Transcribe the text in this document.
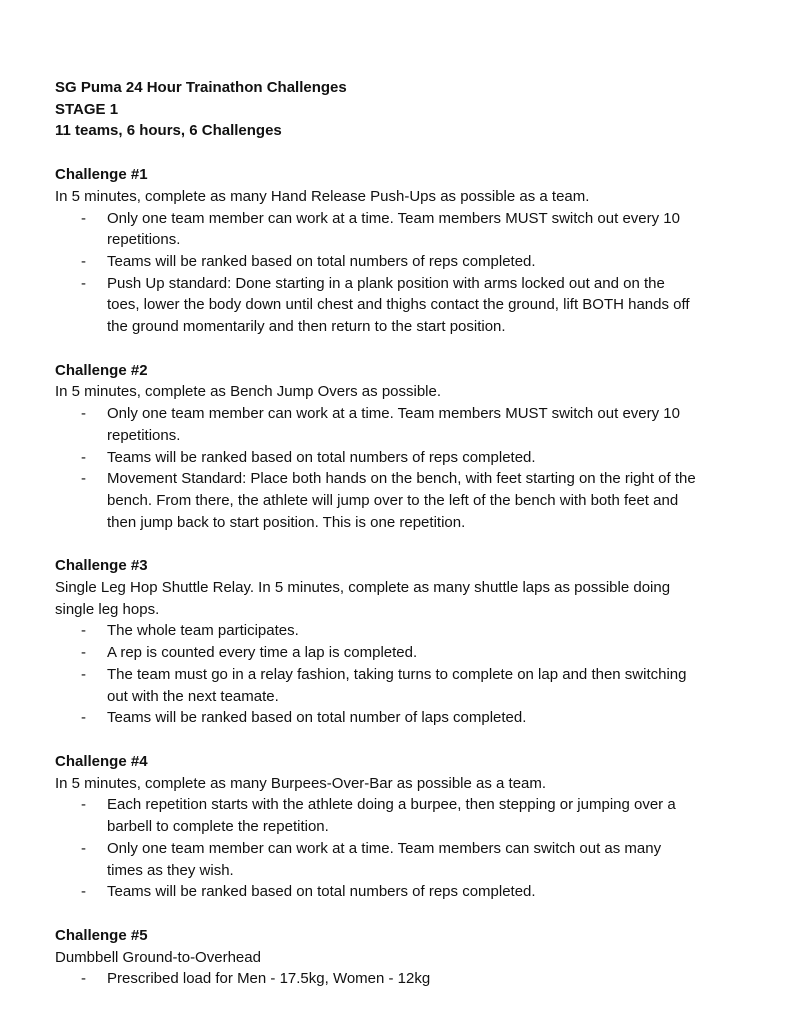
SG Puma 24 Hour Trainathon Challenges

STAGE 1

11 teams, 6 hours, 6 Challenges

Challenge #1

In 5 minutes, complete as many Hand Release Push-Ups as possible as a team.

- Only one team member can work at a time. Team members MUST switch out every 10
repetitions.
- Teams will be ranked based on total numbers of reps completed.
- Push Up standard: Done starting in a plank position with arms locked out and on the
toes, lower the body down until chest and thighs contact the ground, lift BOTH hands off
the ground momentarily and then return to the start position.

Challenge #2

In 5 minutes, complete as Bench Jump Overs as possible.

- Only one team member can work at a time. Team members MUST switch out every 10
repetitions.
- Teams will be ranked based on total numbers of reps completed.
- Movement Standard: Place both hands on the bench, with feet starting on the right of the
bench. From there, the athlete will jump over to the left of the bench with both feet and
then jump back to start position. This is one repetition.

Challenge #3

Single Leg Hop Shuttle Relay. In 5 minutes, complete as many shuttle laps as possible doing
single leg hops.

- The whole team participates.
- A rep is counted every time a lap is completed.
- The team must go in a relay fashion, taking turns to complete on lap and then switching
out with the next teamate.
- Teams will be ranked based on total number of laps completed.

Challenge #4

In 5 minutes, complete as many Burpees-Over-Bar as possible as a team.

- Each repetition starts with the athlete doing a burpee, then stepping or jumping over a
barbell to complete the repetition.
- Only one team member can work at a time. Team members can switch out as many
times as they wish.
- Teams will be ranked based on total numbers of reps completed.

Challenge #5

Dumbbell Ground-to-Overhead

- Prescribed load for Men - 17.5kg, Women - 12kg
